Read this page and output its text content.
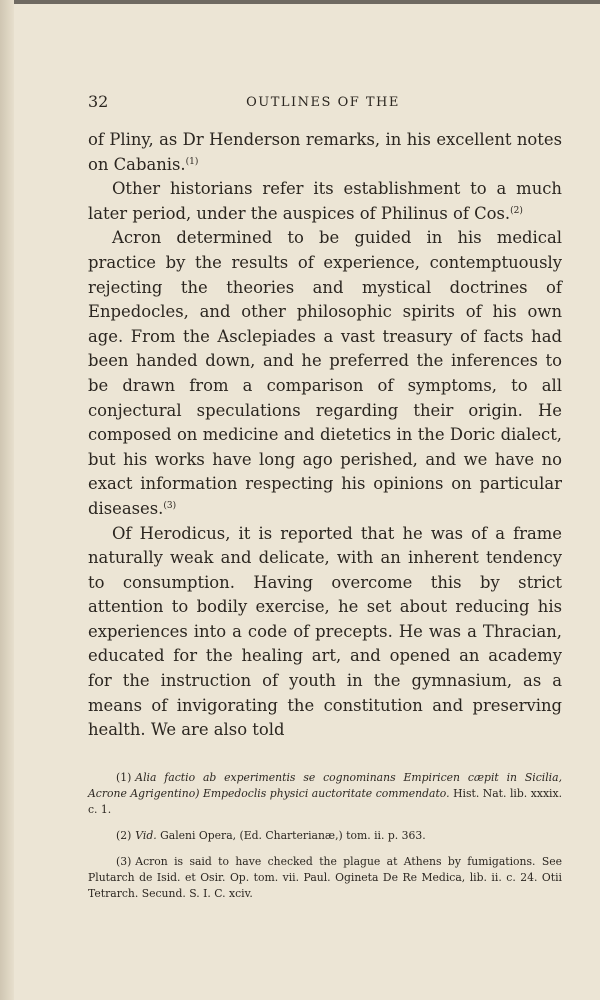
32	OUTLINES OF THE

of Pliny, as Dr Henderson remarks, in his excellent notes on Cabanis.$^{(1)}$

Other historians refer its establishment to a much later period, under the auspices of Philinus of Cos.$^{(2)}$

Acron determined to be guided in his medical practice by the results of experience, contemptuously rejecting the theories and mystical doctrines of Enpedocles, and other philosophic spirits of his own age. From the Asclepiades a vast treasury of facts had been handed down, and he preferred the inferences to be drawn from a comparison of symptoms, to all conjectural speculations regarding their origin. He composed on medicine and dietetics in the Doric dialect, but his works have long ago perished, and we have no exact information respecting his opinions on particular diseases.$^{(3)}$

Of Herodicus, it is reported that he was of a frame naturally weak and delicate, with an inherent tendency to consumption. Having overcome this by strict attention to bodily exercise, he set about reducing his experiences into a code of precepts. He was a Thracian, educated for the healing art, and opened an academy for the instruction of youth in the gymnasium, as a means of invigorating the constitution and preserving health. We are also told

(1) Alia factio ab experimentis se cognominans Empiricen cæpit in Sicilia, Acrone Agrigentino) Empedoclis physici auctoritate commendato. Hist. Nat. lib. xxxix. c. 1.

(2) Vid. Galeni Opera, (Ed. Charterianæ,) tom. ii. p. 363.

(3) Acron is said to have checked the plague at Athens by fumigations. See Plutarch de Isid. et Osir. Op. tom. vii. Paul. Ogineta De Re Medica, lib. ii. c. 24. Otii Tetrarch. Secund. S. I. C. xciv.
